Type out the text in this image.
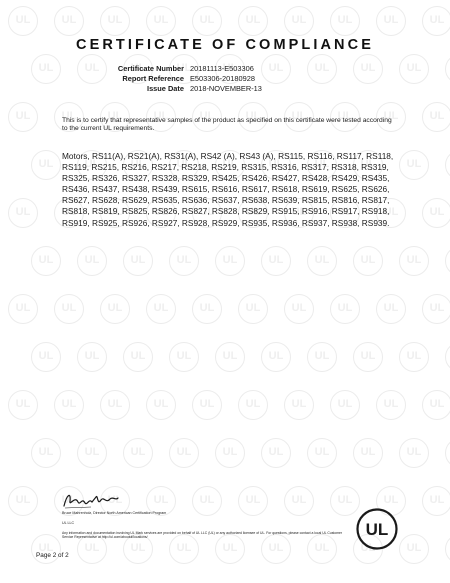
UL
UL
UL
UL
UL
UL
UL
UL
UL
UL
UL
UL
UL
UL
UL
UL
UL
UL
UL
UL
UL
UL
UL
UL
UL
UL
UL
UL
UL
UL
UL
UL
UL
UL
UL
UL
UL
UL
UL
UL
UL
UL
UL
UL
UL
UL
UL
UL
UL
UL
UL
UL
UL
UL
UL
UL
UL
UL
UL
UL
UL
UL
UL
UL
UL
UL
UL
UL
UL
UL
UL
UL
UL
UL
UL
UL
UL
UL
UL
UL
UL
UL
UL
UL
UL
UL
UL
UL
UL
UL
UL
UL
UL
UL
UL
UL
UL
UL
UL
UL
UL
UL
UL
UL
UL
UL
UL
UL
UL
UL
UL
UL
UL
UL
UL
UL
UL
UL
UL
UL
CERTIFICATE OF COMPLIANCE
Certificate Number 20181113-E503306
Report Reference E503306-20180928
Issue Date 2018-NOVEMBER-13
This is to certify that representative samples of the product as specified on this certificate were tested according to the current UL requirements.
Motors, RS11(A), RS21(A), RS31(A), RS42 (A), RS43 (A), RS115, RS116, RS117, RS118, RS119, RS215, RS216, RS217, RS218, RS219, RS315, RS316, RS317, RS318, RS319, RS325, RS326, RS327, RS328, RS329, RS425, RS426, RS427, RS428, RS429, RS435, RS436, RS437, RS438, RS439, RS615, RS616, RS617, RS618, RS619, RS625, RS626, RS627, RS628, RS629, RS635, RS636, RS637, RS638, RS639, RS815, RS816, RS817, RS818, RS819, RS825, RS826, RS827, RS828, RS829, RS915, RS916, RS917, RS918, RS919, RS925, RS926, RS927, RS928, RS929, RS935, RS936, RS937, RS938, RS939.
Bruce Mahrenholz, Director North American Certification Program
UL LLC
Any information and documentation involving UL Mark services are provided on behalf of UL LLC (UL) or any authorized licensee of UL. For questions, please contact a local UL Customer Service Representative at http://ul.com/aboutul/locations/	UL
Page 2 of 2
